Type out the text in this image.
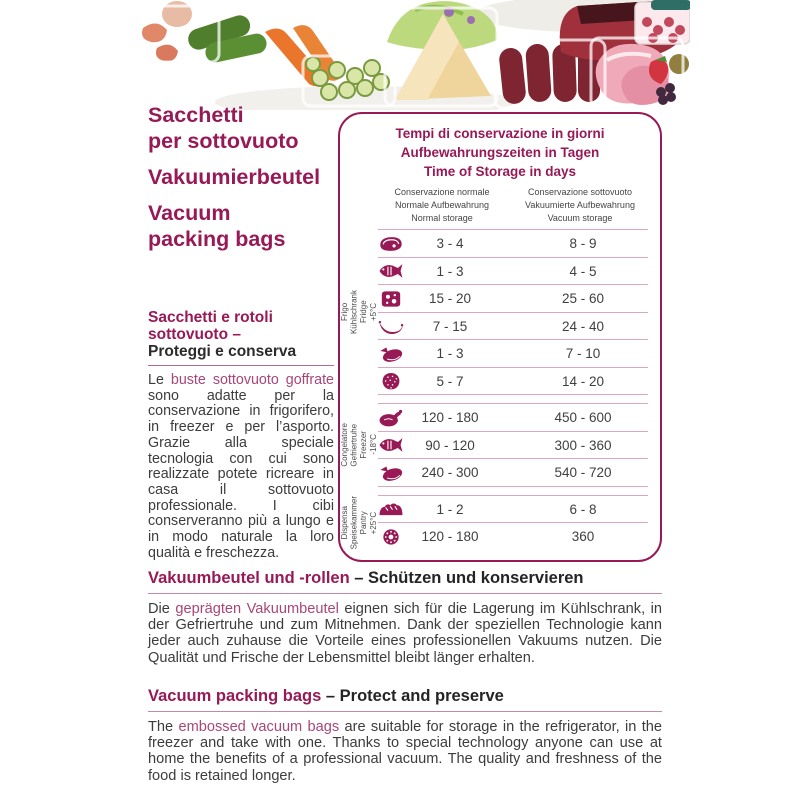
Sacchetti
per sottovuoto
Vakuumierbeutel
Vacuum
packing bags
Sacchetti e rotoli sottovuoto –
Proteggi e conserva

Le buste sottovuoto goffrate sono adatte per la conservazione in frigorifero, in freezer e per l’asporto. Grazie alla speciale tecnologia con cui sono realizzate potete ricreare in casa il sottovuoto professionale. I cibi conserveranno più a lungo e in modo naturale la loro qualità e freschezza.

Tempi di conservazione in giorni
Aufbewahrungszeiten in Tagen
Time of Storage in days
Conservazione normale
Normale Aufbewahrung
Normal storage
Conservazione sottovuoto
Vakuumierte Aufbewahrung
Vacuum storage
Frigo Kühlschrank Fridge +5°C
3 - 4	8 - 9
1 - 3	4 - 5
15 - 20	25 - 60
7 - 15	24 - 40
1 - 3	7 - 10
5 - 7	14 - 20
Congelatore Gefriertruhe Freezer -18°C
120 - 180	450 - 600
90 - 120	300 - 360
240 - 300	540 - 720
Dispensa Speisekammer Pantry +25°C
1 - 2	6 - 8
120 - 180	360
Vakuumbeutel und -rollen – Schützen und konservieren

Die geprägten Vakuumbeutel eignen sich für die Lagerung im Kühlschrank, in der Gefriertruhe und zum Mitnehmen. Dank der speziellen Technologie kann jeder auch zuhause die Vorteile eines professionellen Vakuums nutzen. Die Qualität und Frische der Lebensmittel bleibt länger erhalten.

Vacuum packing bags – Protect and preserve

The embossed vacuum bags are suitable for storage in the refrigerator, in the freezer and take with one. Thanks to special technology anyone can use at home the benefits of a professional vacuum. The quality and freshness of the food is retained longer.
